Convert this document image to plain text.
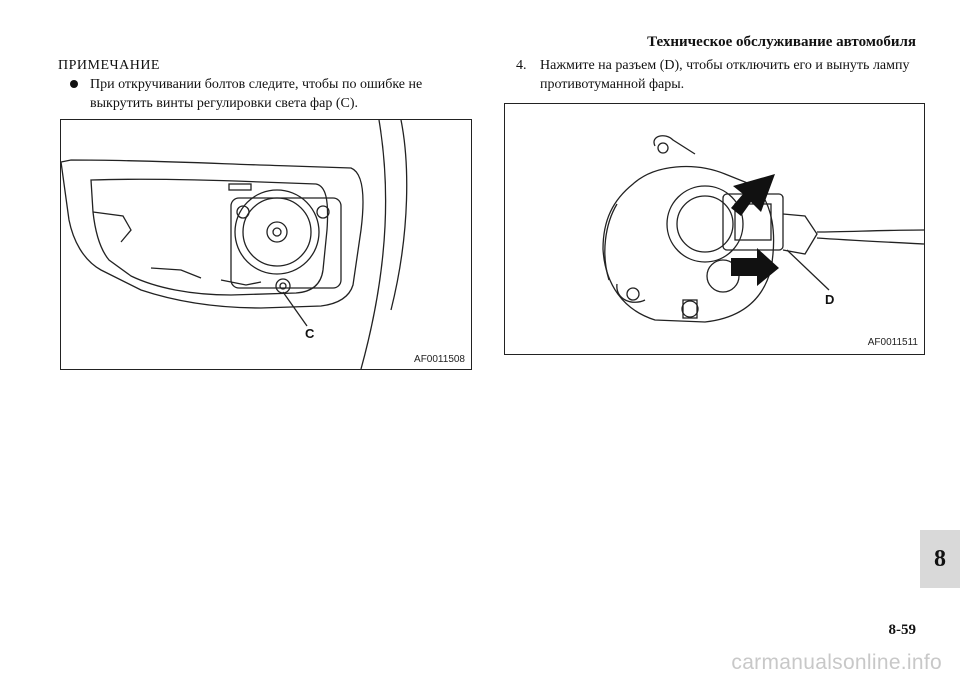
Техническое обслуживание автомобиля
ПРИМЕЧАНИЕ
При откручивании болтов следите, чтобы по ошибке не выкрутить винты регулировки света фар (C).
4. Нажмите на разъем (D), чтобы отключить его и вынуть лампу противотуманной фары.
C
AF0011508
D
AF0011511
8
8-59
carmanualsonline.info
